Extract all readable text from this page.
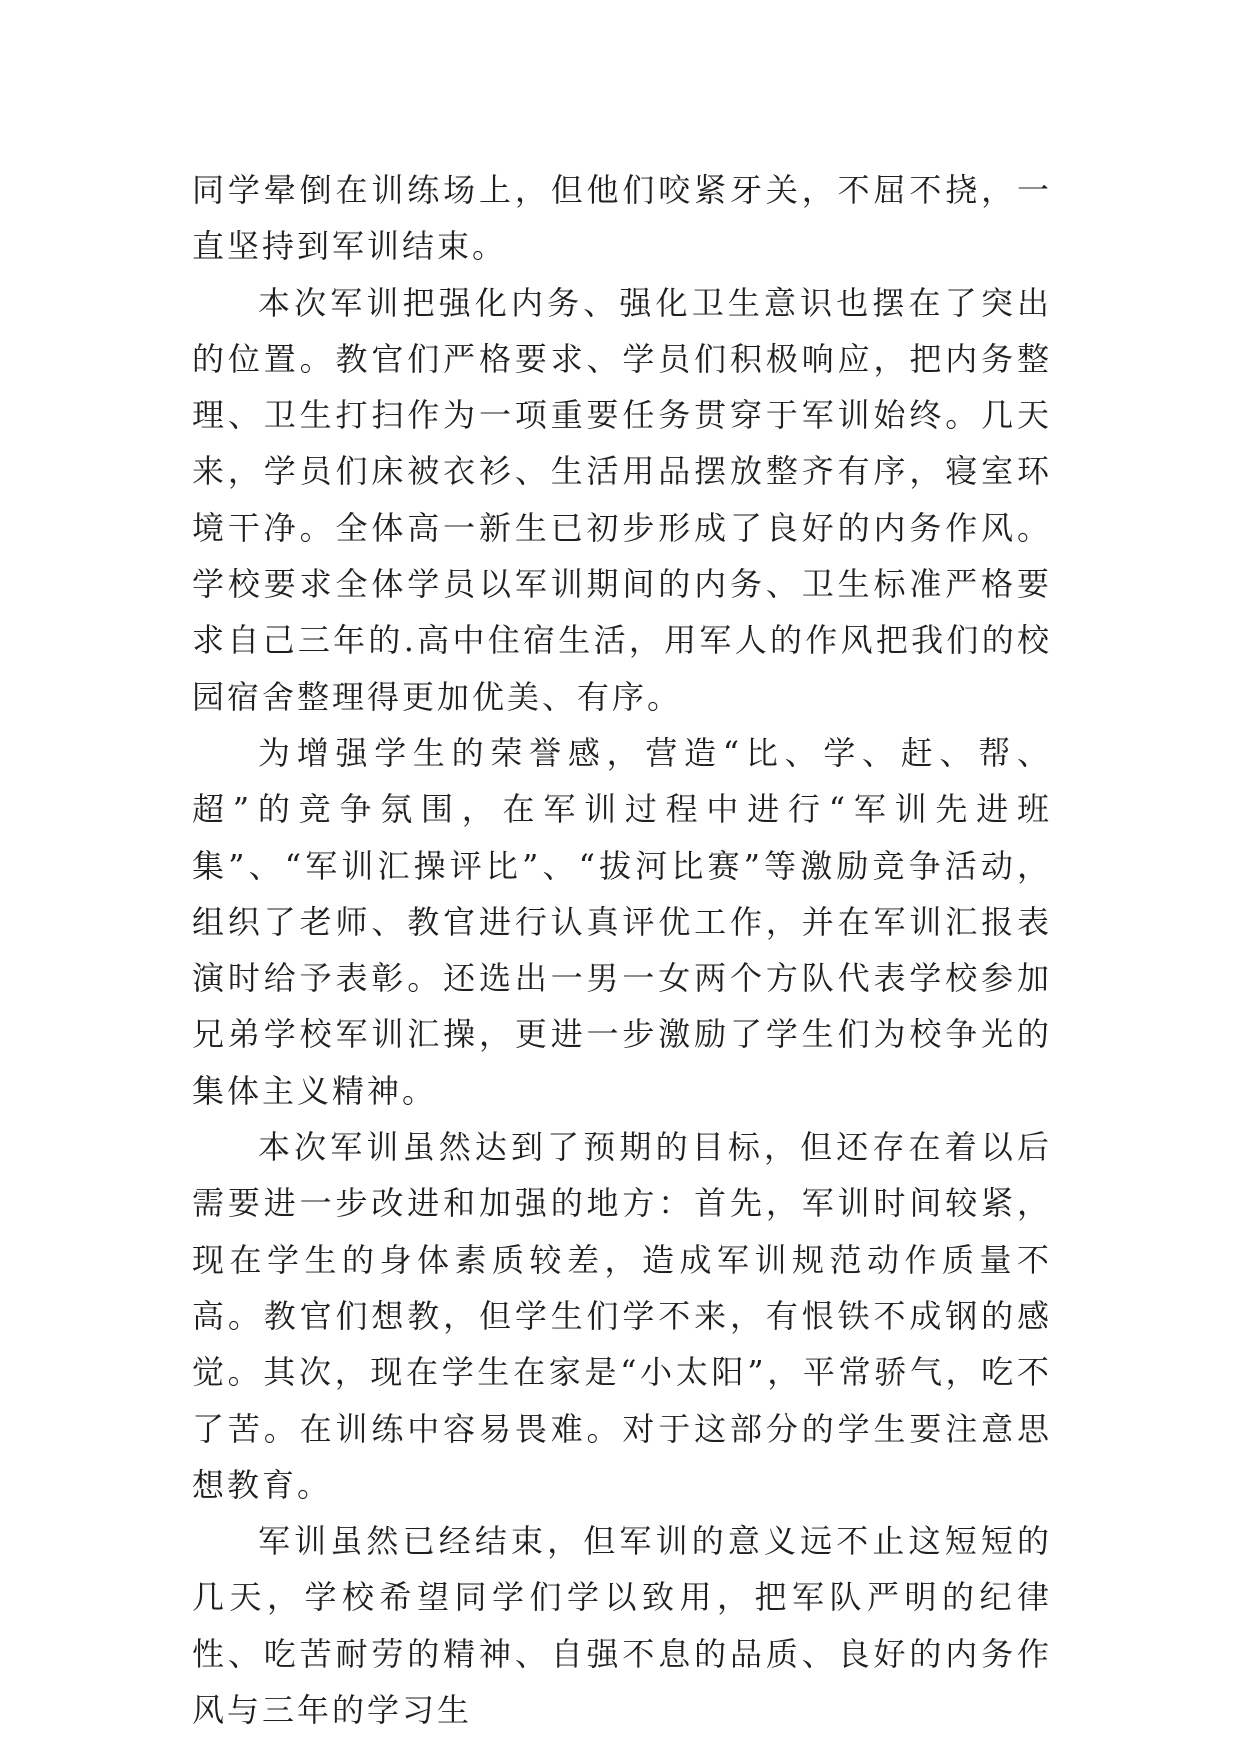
同学晕倒在训练场上，但他们咬紧牙关，不屈不挠，一直坚持到军训结束。

本次军训把强化内务、强化卫生意识也摆在了突出的位置。教官们严格要求、学员们积极响应，把内务整理、卫生打扫作为一项重要任务贯穿于军训始终。几天来，学员们床被衣衫、生活用品摆放整齐有序，寝室环境干净。全体高一新生已初步形成了良好的内务作风。学校要求全体学员以军训期间的内务、卫生标准严格要求自己三年的.高中住宿生活，用军人的作风把我们的校园宿舍整理得更加优美、有序。

为增强学生的荣誉感，营造“比、学、赶、帮、超”的竞争氛围，在军训过程中进行“军训先进班集”、“军训汇操评比”、“拔河比赛”等激励竞争活动，组织了老师、教官进行认真评优工作，并在军训汇报表演时给予表彰。还选出一男一女两个方队代表学校参加兄弟学校军训汇操，更进一步激励了学生们为校争光的集体主义精神。

本次军训虽然达到了预期的目标，但还存在着以后需要进一步改进和加强的地方：首先，军训时间较紧，现在学生的身体素质较差，造成军训规范动作质量不高。教官们想教，但学生们学不来，有恨铁不成钢的感觉。其次，现在学生在家是“小太阳”，平常骄气，吃不了苦。在训练中容易畏难。对于这部分的学生要注意思想教育。

军训虽然已经结束，但军训的意义远不止这短短的几天，学校希望同学们学以致用，把军队严明的纪律性、吃苦耐劳的精神、自强不息的品质、良好的内务作风与三年的学习生
